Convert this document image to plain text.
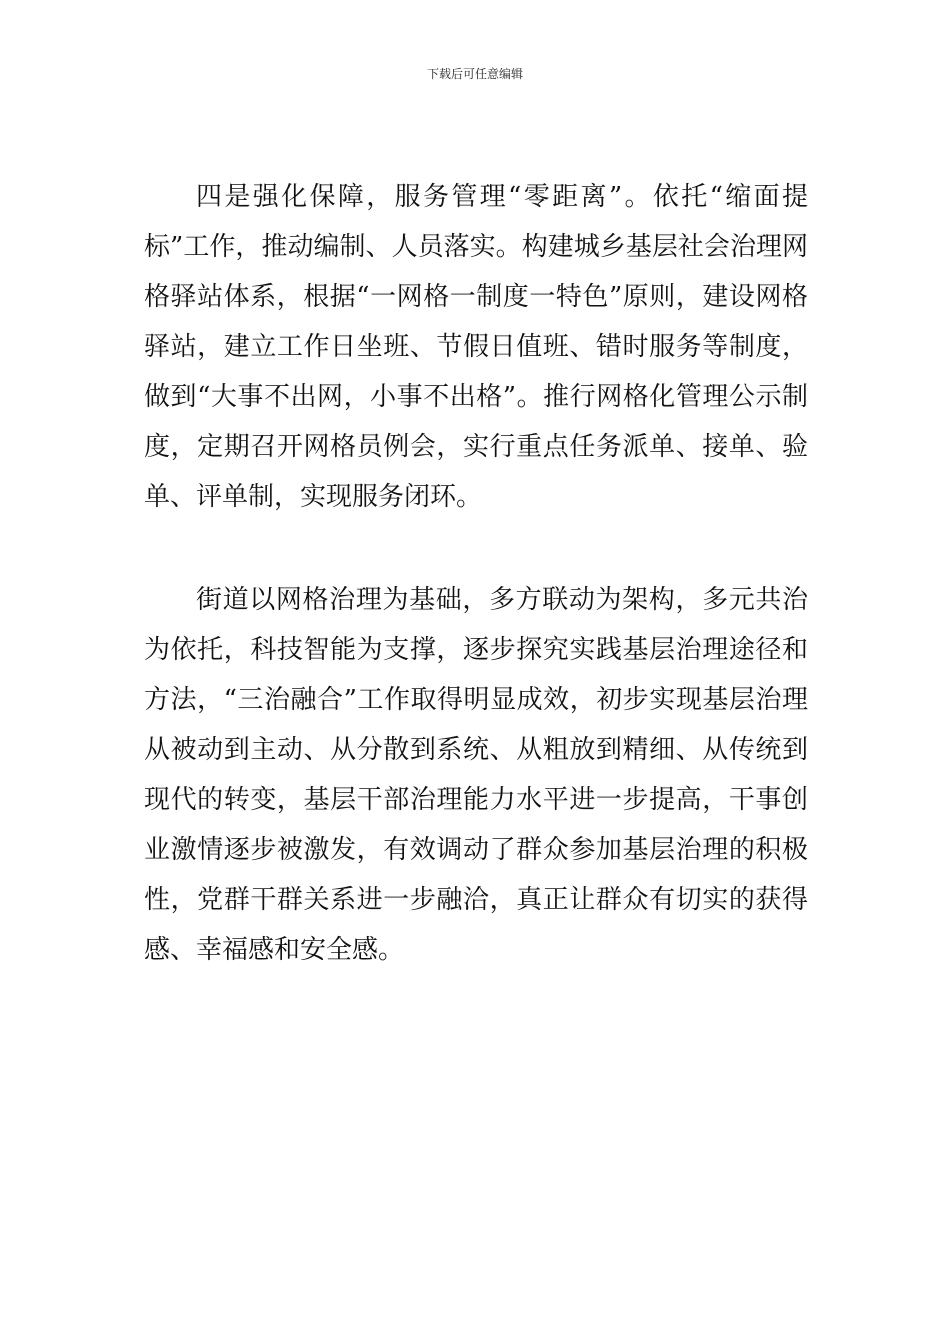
下载后可任意编辑

四是强化保障，服务管理“零距离”。依托“缩面提标”工作，推动编制、人员落实。构建城乡基层社会治理网格驿站体系，根据“一网格一制度一特色”原则，建设网格驿站，建立工作日坐班、节假日值班、错时服务等制度，做到“大事不出网，小事不出格”。推行网格化管理公示制度，定期召开网格员例会，实行重点任务派单、接单、验单、评单制，实现服务闭环。

街道以网格治理为基础，多方联动为架构，多元共治为依托，科技智能为支撑，逐步探究实践基层治理途径和方法，“三治融合”工作取得明显成效，初步实现基层治理从被动到主动、从分散到系统、从粗放到精细、从传统到现代的转变，基层干部治理能力水平进一步提高，干事创业激情逐步被激发，有效调动了群众参加基层治理的积极性，党群干群关系进一步融洽，真正让群众有切实的获得感、幸福感和安全感。
